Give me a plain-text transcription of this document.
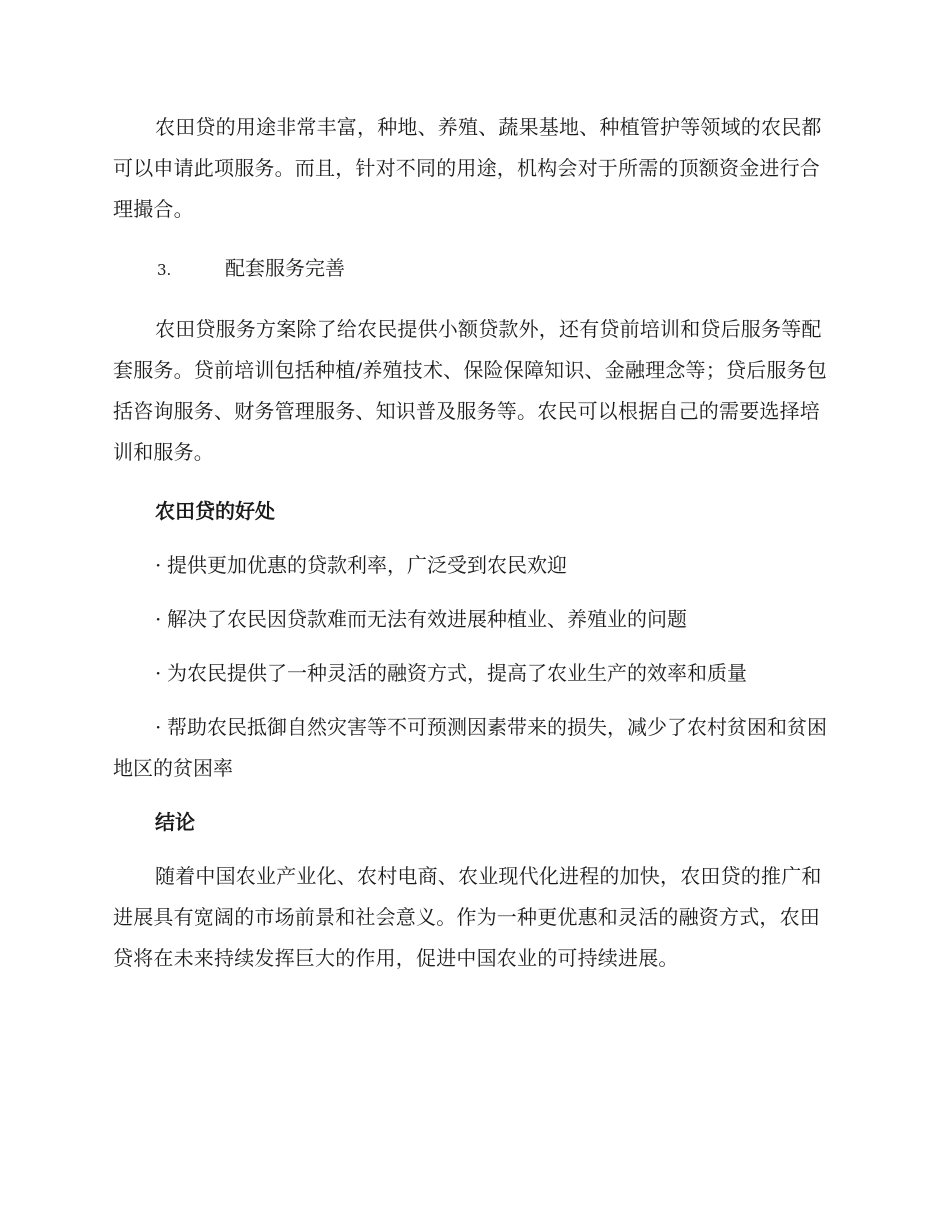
农田贷的用途非常丰富，种地、养殖、蔬果基地、种植管护等领域的农民都可以申请此项服务。而且，针对不同的用途，机构会对于所需的顶额资金进行合理撮合。

3.	配套服务完善

农田贷服务方案除了给农民提供小额贷款外，还有贷前培训和贷后服务等配套服务。贷前培训包括种植/养殖技术、保险保障知识、金融理念等；贷后服务包括咨询服务、财务管理服务、知识普及服务等。农民可以根据自己的需要选择培训和服务。

农田贷的好处
· 提供更加优惠的贷款利率，广泛受到农民欢迎
· 解决了农民因贷款难而无法有效进展种植业、养殖业的问题
· 为农民提供了一种灵活的融资方式，提高了农业生产的效率和质量
· 帮助农民抵御自然灾害等不可预测因素带来的损失，减少了农村贫困和贫困地区的贫困率
结论

随着中国农业产业化、农村电商、农业现代化进程的加快，农田贷的推广和进展具有宽阔的市场前景和社会意义。作为一种更优惠和灵活的融资方式，农田贷将在未来持续发挥巨大的作用，促进中国农业的可持续进展。
